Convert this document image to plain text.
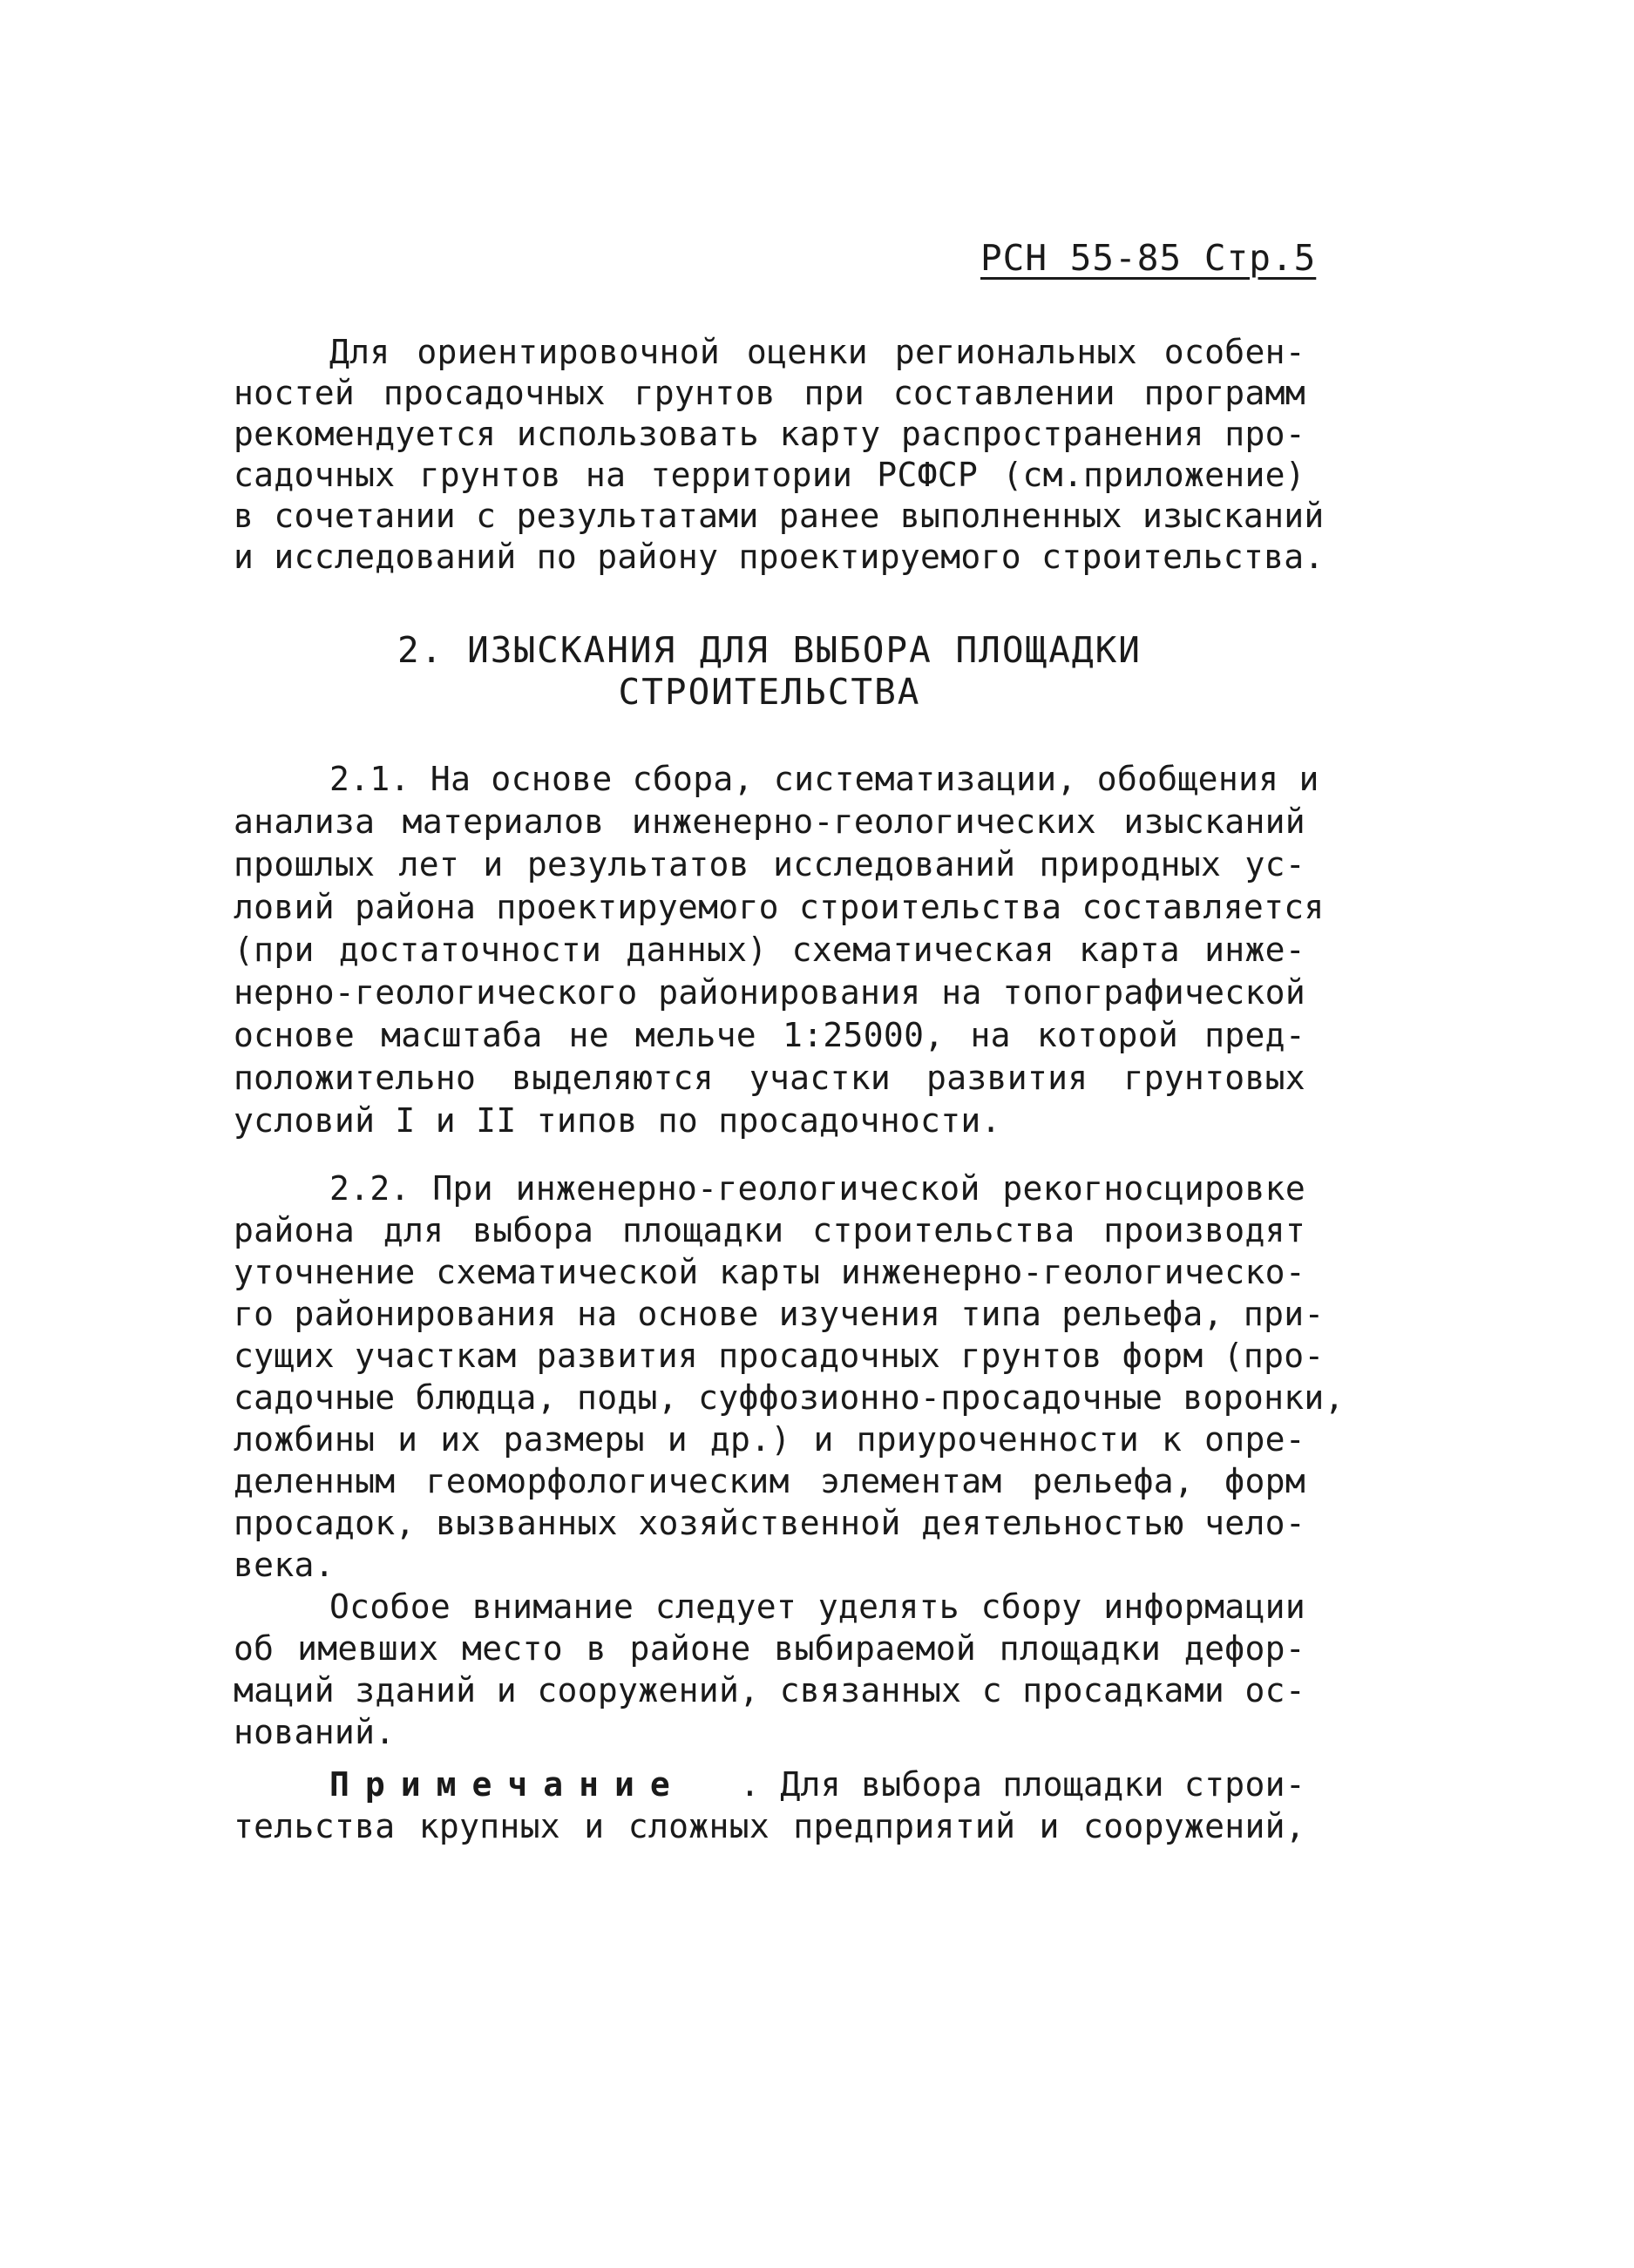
РСН 55-85 Стр.5
Для ориентировочной оценки региональных особен-
ностей просадочных грунтов при составлении программ
рекомендуется использовать карту распространения про-
садочных грунтов на территории РСФСР (см.приложение)
в сочетании с результатами ранее выполненных изысканий
и исследований по району проектируемого строительства.
2. ИЗЫСКАНИЯ ДЛЯ ВЫБОРА ПЛОЩАДКИ
СТРОИТЕЛЬСТВА
2.1. На основе сбора, систематизации, обобщения и
анализа материалов инженерно-геологических изысканий
прошлых лет и результатов исследований природных ус-
ловий района проектируемого строительства составляется
(при достаточности данных) схематическая карта инже-
нерно-геологического районирования на топографической
основе масштаба не мельче 1:25000, на которой пред-
положительно выделяются участки развития грунтовых
условий I и II типов по просадочности.
2.2. При инженерно-геологической рекогносцировке
района для выбора площадки строительства производят
уточнение схематической карты инженерно-геологическо-
го районирования на основе изучения типа рельефа, при-
сущих участкам развития просадочных грунтов форм (про-
садочные блюдца, поды, суффозионно-просадочные воронки,
ложбины и их размеры и др.) и приуроченности к опре-
деленным геоморфологическим элементам рельефа, форм
просадок, вызванных хозяйственной деятельностью чело-
века.
Особое внимание следует уделять сбору информации
об имевших место в районе выбираемой площадки дефор-
маций зданий и сооружений, связанных с просадками ос-
нований.
Примечание . Для выбора площадки строи-
тельства крупных и сложных предприятий и сооружений,
